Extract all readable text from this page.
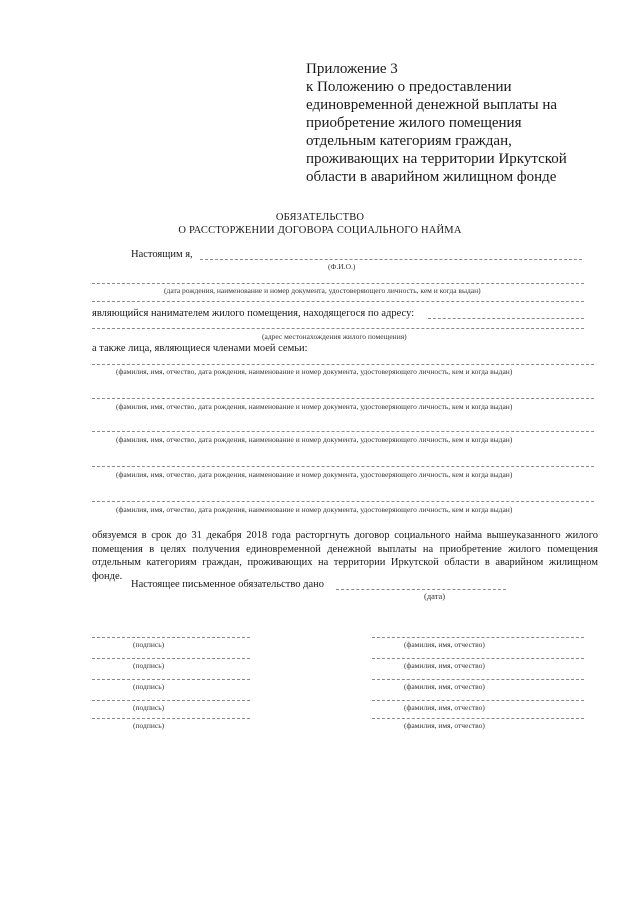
Приложение 3
к Положению о предоставлении
единовременной денежной выплаты на
приобретение жилого помещения
отдельным категориям граждан,
проживающих на территории Иркутской
области в аварийном жилищном фонде
ОБЯЗАТЕЛЬСТВО
О РАССТОРЖЕНИИ ДОГОВОРА СОЦИАЛЬНОГО НАЙМА
Настоящим я,
(Ф.И.О.)
(дата рождения, наименование и номер документа, удостоверяющего личность, кем и когда выдан)
являющийся нанимателем жилого помещения, находящегося по адресу:
(адрес местонахождения жилого помещения)
а также лица, являющиеся членами моей семьи:
(фамилия, имя, отчество, дата рождения, наименование и номер документа, удостоверяющего личность, кем и когда выдан)
(фамилия, имя, отчество, дата рождения, наименование и номер документа, удостоверяющего личность, кем и когда выдан)
(фамилия, имя, отчество, дата рождения, наименование и номер документа, удостоверяющего личность, кем и когда выдан)
(фамилия, имя, отчество, дата рождения, наименование и номер документа, удостоверяющего личность, кем и когда выдан)
(фамилия, имя, отчество, дата рождения, наименование и номер документа, удостоверяющего личность, кем и когда выдан)
обязуемся в срок до 31 декабря 2018 года расторгнуть договор социального найма вышеуказанного жилого помещения в целях получения единовременной денежной выплаты на приобретение жилого помещения отдельным категориям граждан, проживающих на территории Иркутской области в аварийном жилищном фонде.
Настоящее письменное обязательство дано
(дата)
(подпись)	(фамилия, имя, отчество)
(подпись)	(фамилия, имя, отчество)
(подпись)	(фамилия, имя, отчество)
(подпись)	(фамилия, имя, отчество)
(подпись)	(фамилия, имя, отчество)
